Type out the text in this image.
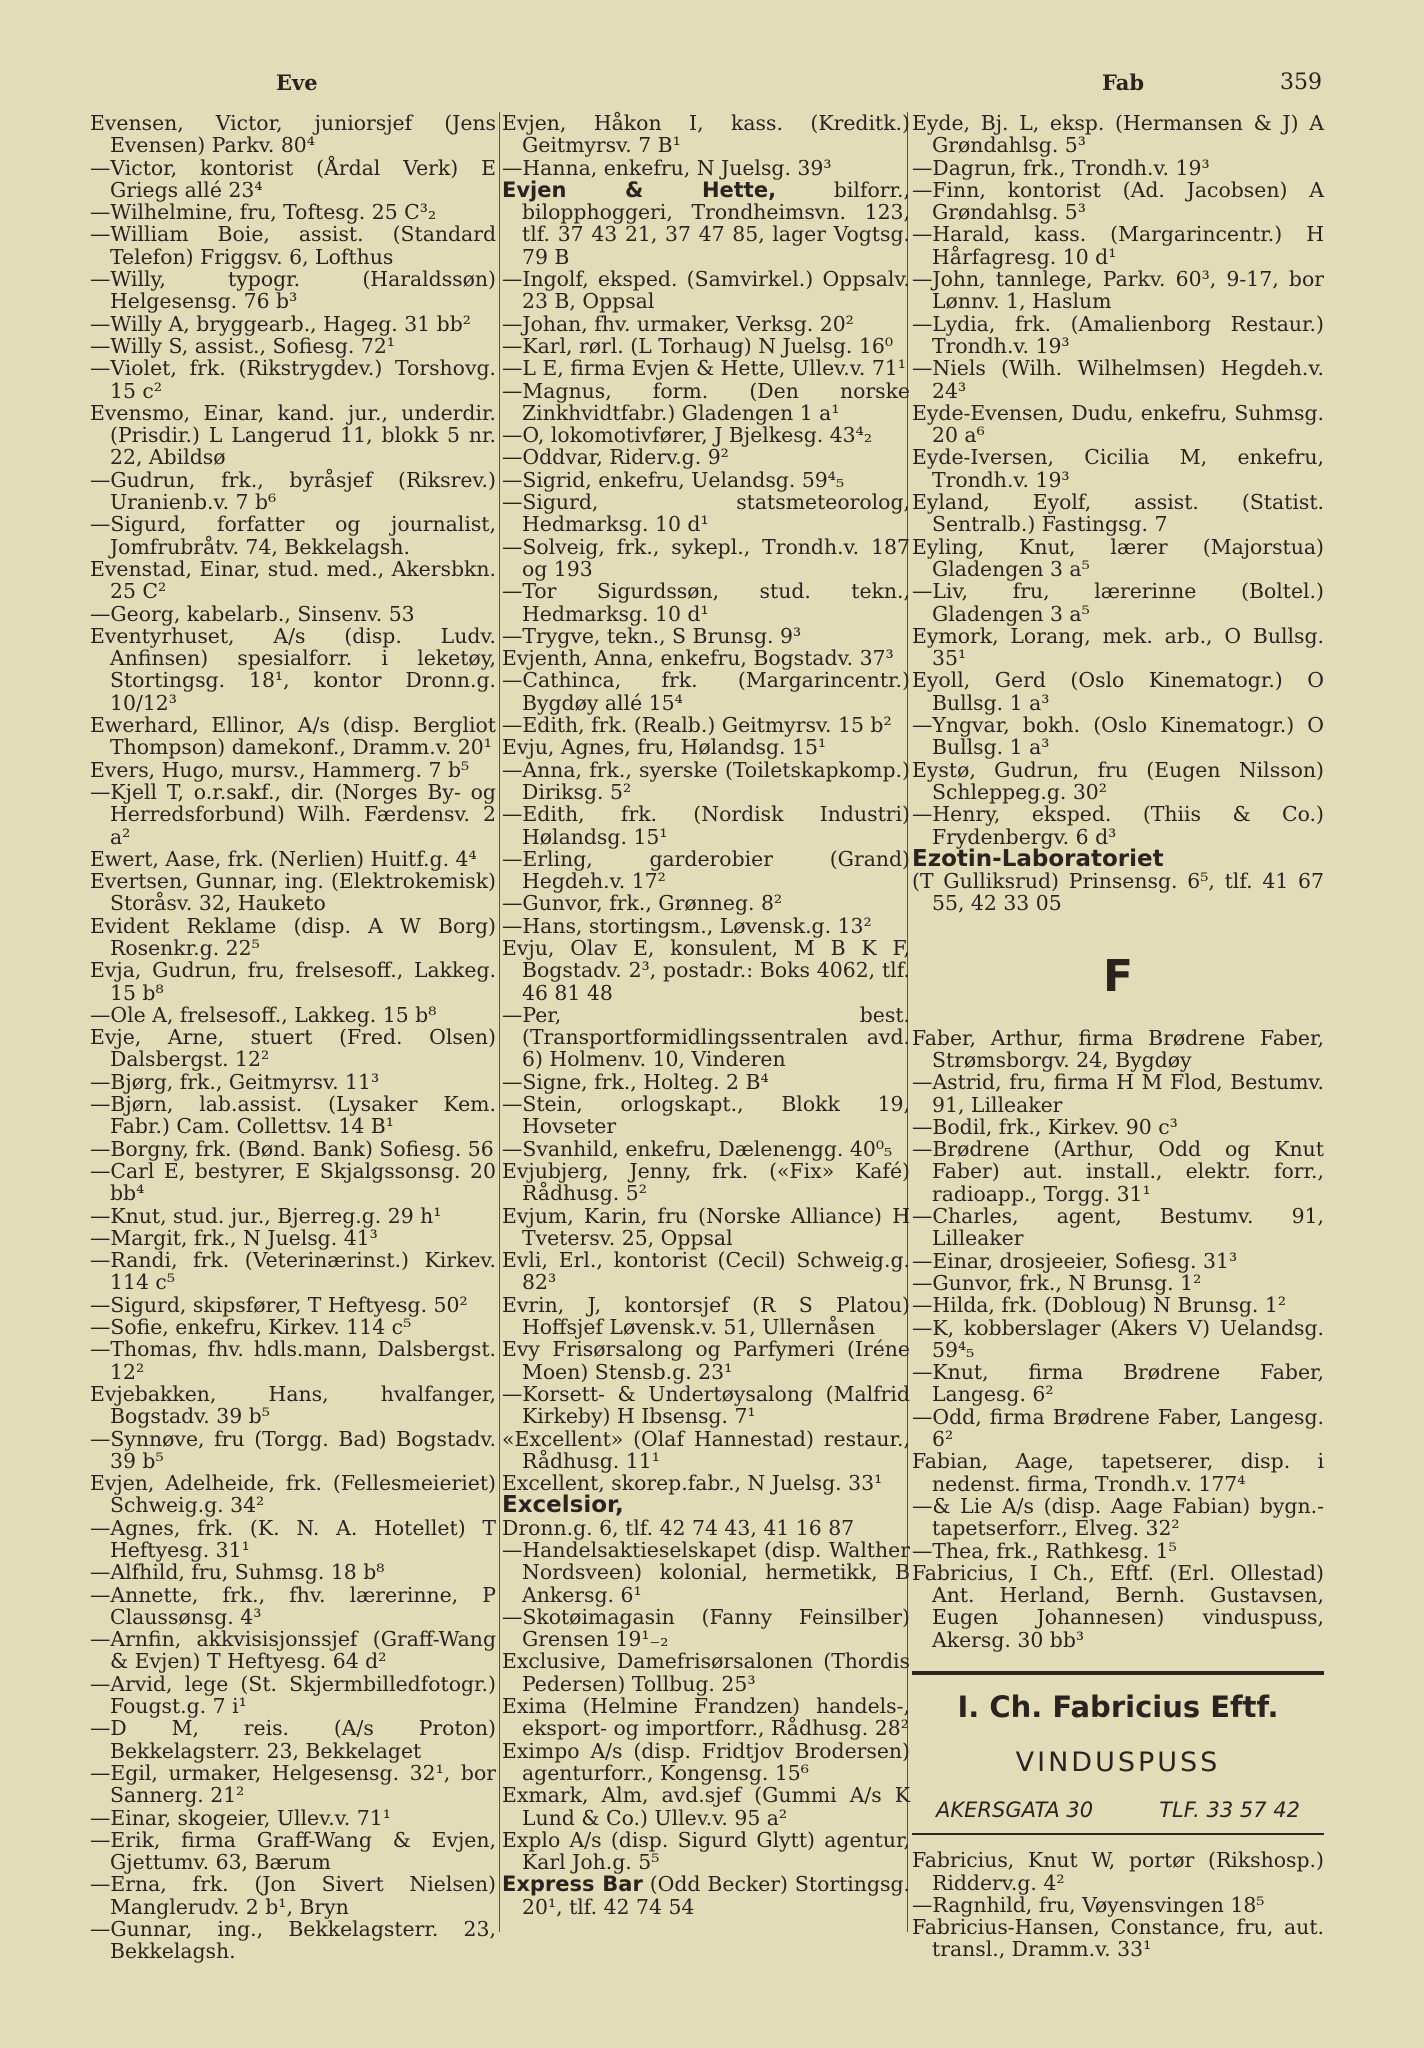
Eve	Fab	359
Evensen, Victor, juniorsjef (Jens Evensen) Parkv. 80⁴
—Victor, kontorist (Årdal Verk) E Griegs allé 23⁴
—Wilhelmine, fru, Toftesg. 25 C³₂
—William Boie, assist. (Standard Telefon) Friggsv. 6, Lofthus
—Willy, typogr. (Haraldssøn) Helgesensg. 76 b³
—Willy A, bryggearb., Hageg. 31 bb²
—Willy S, assist., Sofiesg. 72¹
—Violet, frk. (Rikstrygdev.) Torshovg. 15 c²
Evensmo, Einar, kand. jur., underdir. (Prisdir.) L Langerud 11, blokk 5 nr. 22, Abildsø
—Gudrun, frk., byråsjef (Riksrev.) Uranienb.v. 7 b⁶
—Sigurd, forfatter og journalist, Jomfrubråtv. 74, Bekkelagsh.
Evenstad, Einar, stud. med., Akersbkn. 25 C²
—Georg, kabelarb., Sinsenv. 53
Eventyrhuset, A/s (disp. Ludv. Anfinsen) spesialforr. i leketøy, Stortingsg. 18¹, kontor Dronn.g. 10/12³
Ewerhard, Ellinor, A/s (disp. Bergliot Thompson) damekonf., Dramm.v. 20¹
Evers, Hugo, mursv., Hammerg. 7 b⁵
—Kjell T, o.r.sakf., dir. (Norges By- og Herredsforbund) Wilh. Færdensv. 2 a²
Ewert, Aase, frk. (Nerlien) Huitf.g. 4⁴
Evertsen, Gunnar, ing. (Elektrokemisk) Storåsv. 32, Hauketo
Evident Reklame (disp. A W Borg) Rosenkr.g. 22⁵
Evja, Gudrun, fru, frelsesoff., Lakkeg. 15 b⁸
—Ole A, frelsesoff., Lakkeg. 15 b⁸
Evje, Arne, stuert (Fred. Olsen) Dalsbergst. 12²
—Bjørg, frk., Geitmyrsv. 11³
—Bjørn, lab.assist. (Lysaker Kem. Fabr.) Cam. Collettsv. 14 B¹
—Borgny, frk. (Bønd. Bank) Sofiesg. 56
—Carl E, bestyrer, E Skjalgssonsg. 20 bb⁴
—Knut, stud. jur., Bjerreg.g. 29 h¹
—Margit, frk., N Juelsg. 41³
—Randi, frk. (Veterinærinst.) Kirkev. 114 c⁵
—Sigurd, skipsfører, T Heftyesg. 50²
—Sofie, enkefru, Kirkev. 114 c⁵
—Thomas, fhv. hdls.mann, Dalsbergst. 12²
Evjebakken, Hans, hvalfanger, Bogstadv. 39 b⁵
—Synnøve, fru (Torgg. Bad) Bogstadv. 39 b⁵
Evjen, Adelheide, frk. (Fellesmeieriet) Schweig.g. 34²
—Agnes, frk. (K. N. A. Hotellet) T Heftyesg. 31¹
—Alfhild, fru, Suhmsg. 18 b⁸
—Annette, frk., fhv. lærerinne, P Claussønsg. 4³
—Arnfin, akkvisisjonssjef (Graff-Wang & Evjen) T Heftyesg. 64 d²
—Arvid, lege (St. Skjermbilledfotogr.) Fougst.g. 7 i¹
—D M, reis. (A/s Proton) Bekkelagsterr. 23, Bekkelaget
—Egil, urmaker, Helgesensg. 32¹, bor Sannerg. 21²
—Einar, skogeier, Ullev.v. 71¹
—Erik, firma Graff-Wang & Evjen, Gjettumv. 63, Bærum
—Erna, frk. (Jon Sivert Nielsen) Manglerudv. 2 b¹, Bryn
—Gunnar, ing., Bekkelagsterr. 23, Bekkelagsh.
Evjen, Håkon I, kass. (Kreditk.) Geitmyrsv. 7 B¹
—Hanna, enkefru, N Juelsg. 39³
Evjen & Hette, bilforr., bilopphoggeri, Trondheimsvn. 123, tlf. 37 43 21, 37 47 85, lager Vogtsg. 79 B
—Ingolf, eksped. (Samvirkel.) Oppsalv. 23 B, Oppsal
—Johan, fhv. urmaker, Verksg. 20²
—Karl, rørl. (L Torhaug) N Juelsg. 16⁰
—L E, firma Evjen & Hette, Ullev.v. 71¹
—Magnus, form. (Den norske Zinkhvidtfabr.) Gladengen 1 a¹
—O, lokomotivfører, J Bjelkesg. 43⁴₂
—Oddvar, Riderv.g. 9²
—Sigrid, enkefru, Uelandsg. 59⁴₅
—Sigurd, statsmeteorolog, Hedmarksg. 10 d¹
—Solveig, frk., sykepl., Trondh.v. 187 og 193
—Tor Sigurdssøn, stud. tekn., Hedmarksg. 10 d¹
—Trygve, tekn., S Brunsg. 9³
Evjenth, Anna, enkefru, Bogstadv. 37³
—Cathinca, frk. (Margarincentr.) Bygdøy allé 15⁴
—Edith, frk. (Realb.) Geitmyrsv. 15 b²
Evju, Agnes, fru, Hølandsg. 15¹
—Anna, frk., syerske (Toiletskapkomp.) Diriksg. 5²
—Edith, frk. (Nordisk Industri) Hølandsg. 15¹
—Erling, garderobier (Grand) Hegdeh.v. 17²
—Gunvor, frk., Grønneg. 8²
—Hans, stortingsm., Løvensk.g. 13²
Evju, Olav E, konsulent, M B K F, Bogstadv. 2³, postadr.: Boks 4062, tlf. 46 81 48
—Per, best. (Transportformidlingssentralen avd. 6) Holmenv. 10, Vinderen
—Signe, frk., Holteg. 2 B⁴
—Stein, orlogskapt., Blokk 19, Hovseter
—Svanhild, enkefru, Dælenengg. 40⁰₅
Evjubjerg, Jenny, frk. («Fix» Kafé) Rådhusg. 5²
Evjum, Karin, fru (Norske Alliance) H Tvetersv. 25, Oppsal
Evli, Erl., kontorist (Cecil) Schweig.g. 82³
Evrin, J, kontorsjef (R S Platou) Hoffsjef Løvensk.v. 51, Ullernåsen
Evy Frisørsalong og Parfymeri (Iréne Moen) Stensb.g. 23¹
—Korsett- & Undertøysalong (Malfrid Kirkeby) H Ibsensg. 7¹
«Excellent» (Olaf Hannestad) restaur., Rådhusg. 11¹
Excellent, skorep.fabr., N Juelsg. 33¹
Excelsior,
Dronn.g. 6, tlf. 42 74 43, 41 16 87
—Handelsaktieselskapet (disp. Walther Nordsveen) kolonial, hermetikk, B Ankersg. 6¹
—Skotøimagasin (Fanny Feinsilber) Grensen 19¹₋₂
Exclusive, Damefrisørsalonen (Thordis Pedersen) Tollbug. 25³
Exima (Helmine Frandzen) handels-, eksport- og importforr., Rådhusg. 28²
Eximpo A/s (disp. Fridtjov Brodersen) agenturforr., Kongensg. 15⁶
Exmark, Alm, avd.sjef (Gummi A/s K Lund & Co.) Ullev.v. 95 a²
Explo A/s (disp. Sigurd Glytt) agentur, Karl Joh.g. 5⁵
Express Bar (Odd Becker) Stortingsg. 20¹, tlf. 42 74 54
Eyde, Bj. L, eksp. (Hermansen & J) A Grøndahlsg. 5³
—Dagrun, frk., Trondh.v. 19³
—Finn, kontorist (Ad. Jacobsen) A Grøndahlsg. 5³
—Harald, kass. (Margarincentr.) H Hårfagresg. 10 d¹
—John, tannlege, Parkv. 60³, 9-17, bor Lønnv. 1, Haslum
—Lydia, frk. (Amalienborg Restaur.) Trondh.v. 19³
—Niels (Wilh. Wilhelmsen) Hegdeh.v. 24³
Eyde-Evensen, Dudu, enkefru, Suhmsg. 20 a⁶
Eyde-Iversen, Cicilia M, enkefru, Trondh.v. 19³
Eyland, Eyolf, assist. (Statist. Sentralb.) Fastingsg. 7
Eyling, Knut, lærer (Majorstua) Gladengen 3 a⁵
—Liv, fru, lærerinne (Boltel.) Gladengen 3 a⁵
Eymork, Lorang, mek. arb., O Bullsg. 35¹
Eyoll, Gerd (Oslo Kinematogr.) O Bullsg. 1 a³
—Yngvar, bokh. (Oslo Kinematogr.) O Bullsg. 1 a³
Eystø, Gudrun, fru (Eugen Nilsson) Schleppeg.g. 30²
—Henry, eksped. (Thiis & Co.) Frydenbergv. 6 d³
Ezotin-Laboratoriet
(T Gulliksrud) Prinsensg. 6⁵, tlf. 41 67 55, 42 33 05
F
Faber, Arthur, firma Brødrene Faber, Strømsborgv. 24, Bygdøy
—Astrid, fru, firma H M Flod, Bestumv. 91, Lilleaker
—Bodil, frk., Kirkev. 90 c³
—Brødrene (Arthur, Odd og Knut Faber) aut. install., elektr. forr., radioapp., Torgg. 31¹
—Charles, agent, Bestumv. 91, Lilleaker
—Einar, drosjeeier, Sofiesg. 31³
—Gunvor, frk., N Brunsg. 1²
—Hilda, frk. (Dobloug) N Brunsg. 1²
—K, kobberslager (Akers V) Uelandsg. 59⁴₅
—Knut, firma Brødrene Faber, Langesg. 6²
—Odd, firma Brødrene Faber, Langesg. 6²
Fabian, Aage, tapetserer, disp. i nedenst. firma, Trondh.v. 177⁴
—& Lie A/s (disp. Aage Fabian) bygn.-tapetserforr., Elveg. 32²
—Thea, frk., Rathkesg. 1⁵
Fabricius, I Ch., Eftf. (Erl. Ollestad) Ant. Herland, Bernh. Gustavsen, Eugen Johannesen) vinduspuss, Akersg. 30 bb³
I. Ch. Fabricius Eftf.
VINDUSPUSS
AKERSGATA 30	TLF. 33 57 42
Fabricius, Knut W, portør (Rikshosp.) Ridderv.g. 4²
—Ragnhild, fru, Vøyensvingen 18⁵
Fabricius-Hansen, Constance, fru, aut. transl., Dramm.v. 33¹
